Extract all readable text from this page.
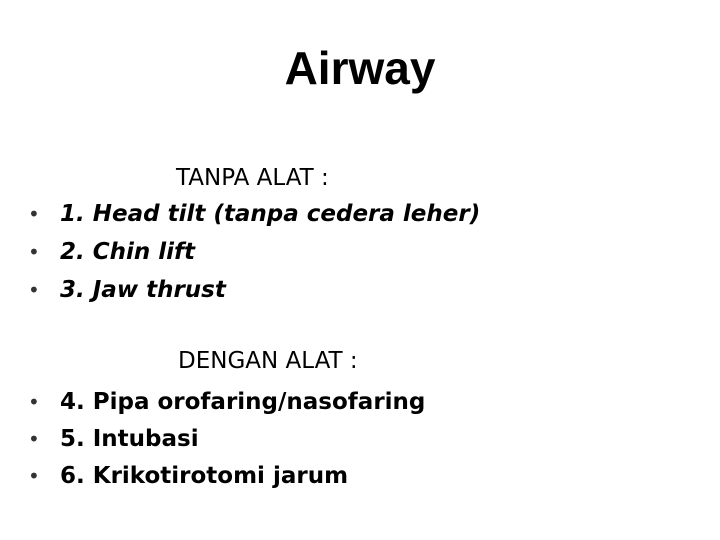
Airway
TANPA ALAT :
• 1. Head tilt (tanpa cedera leher)
• 2. Chin lift
• 3. Jaw thrust
DENGAN ALAT :
• 4. Pipa orofaring/nasofaring
• 5. Intubasi
• 6. Krikotirotomi jarum
